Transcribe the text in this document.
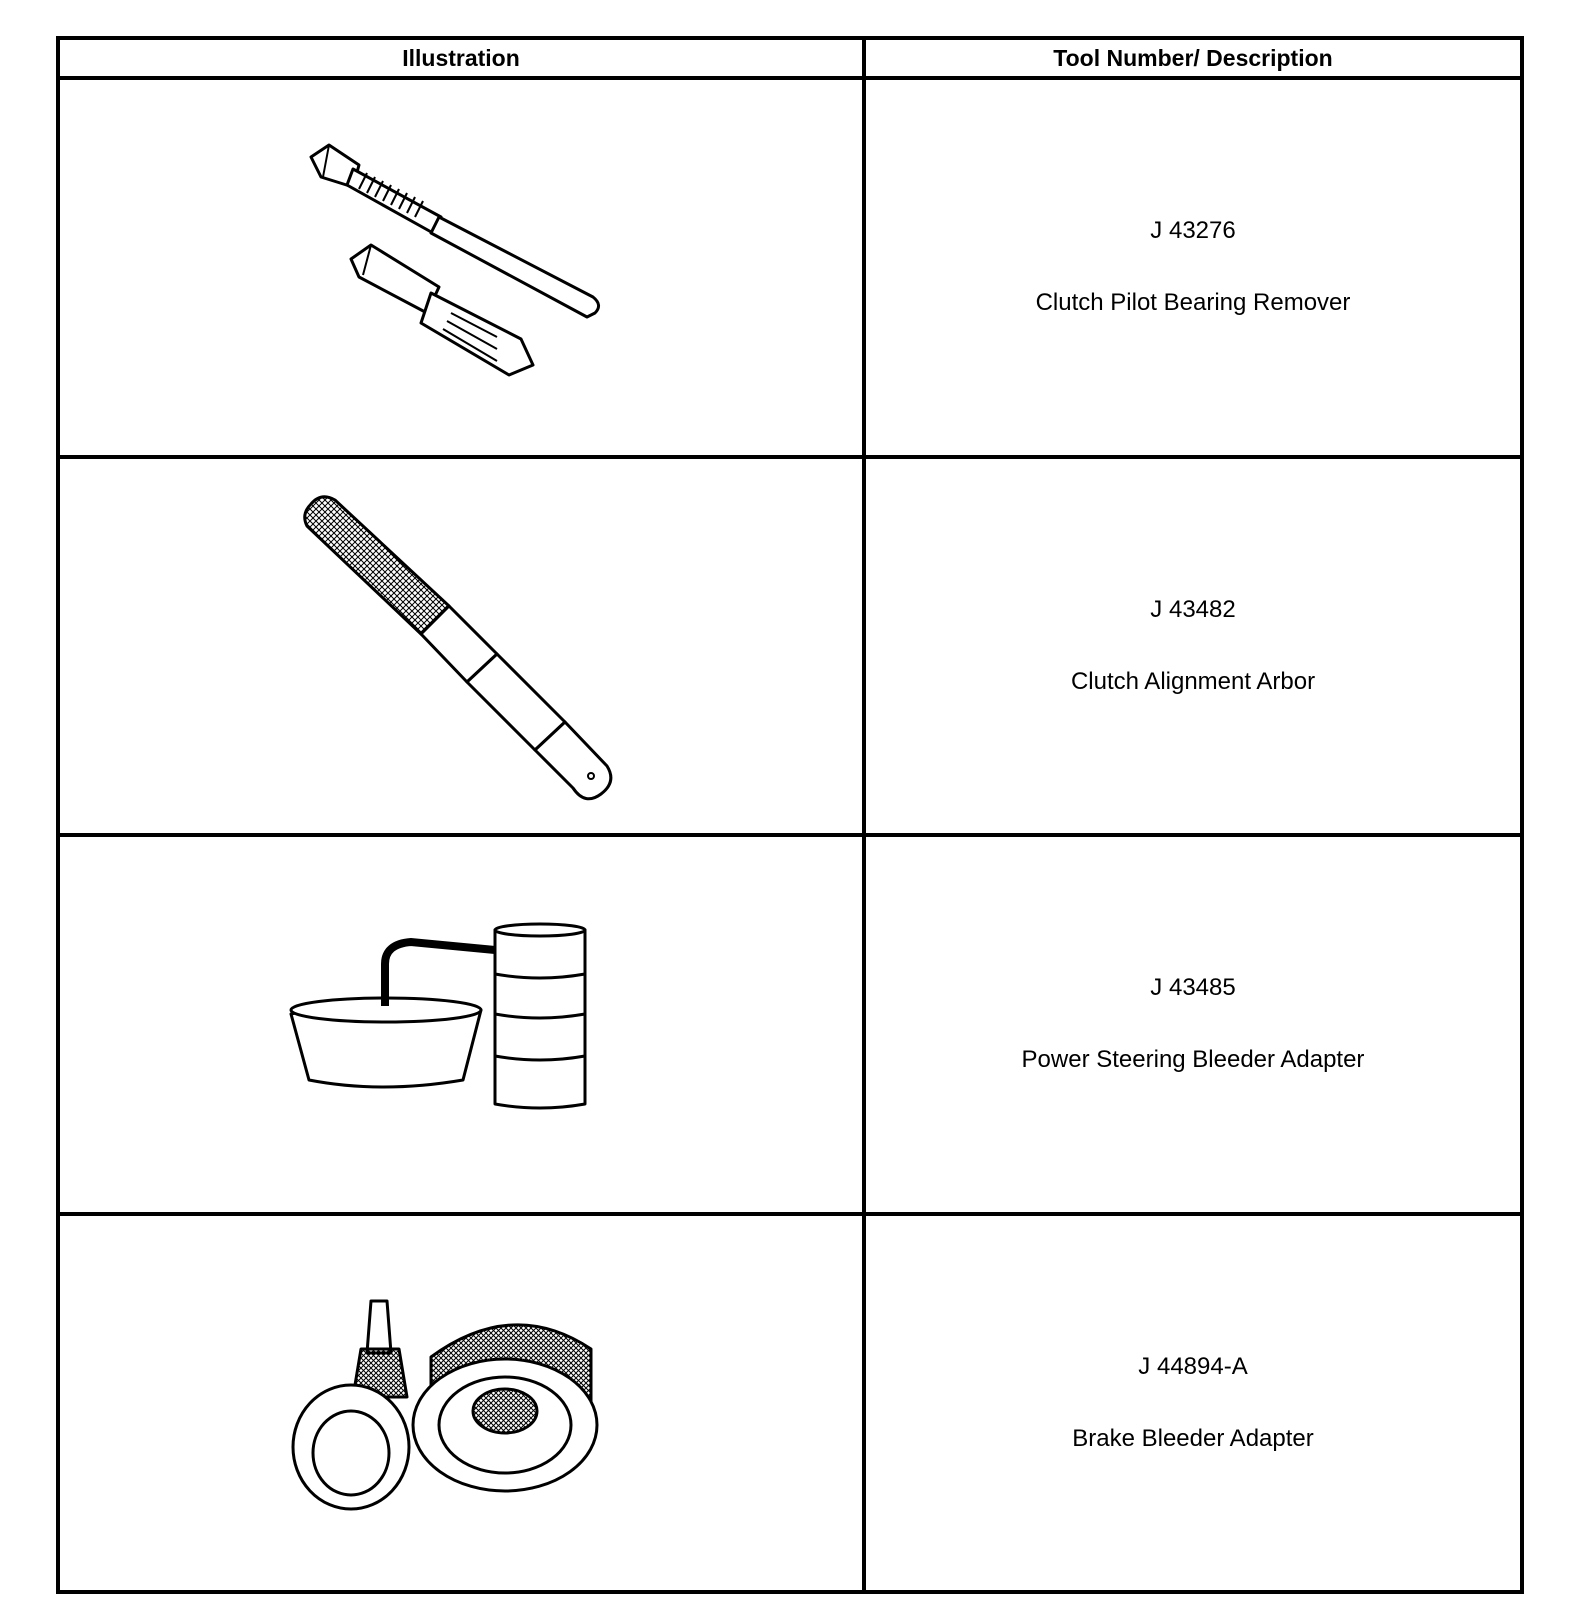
Illustration	Tool Number/ Description

J 43276
Clutch Pilot Bearing Remover

J 43482
Clutch Alignment Arbor

J 43485
Power Steering Bleeder Adapter

J 44894-A
Brake Bleeder Adapter
